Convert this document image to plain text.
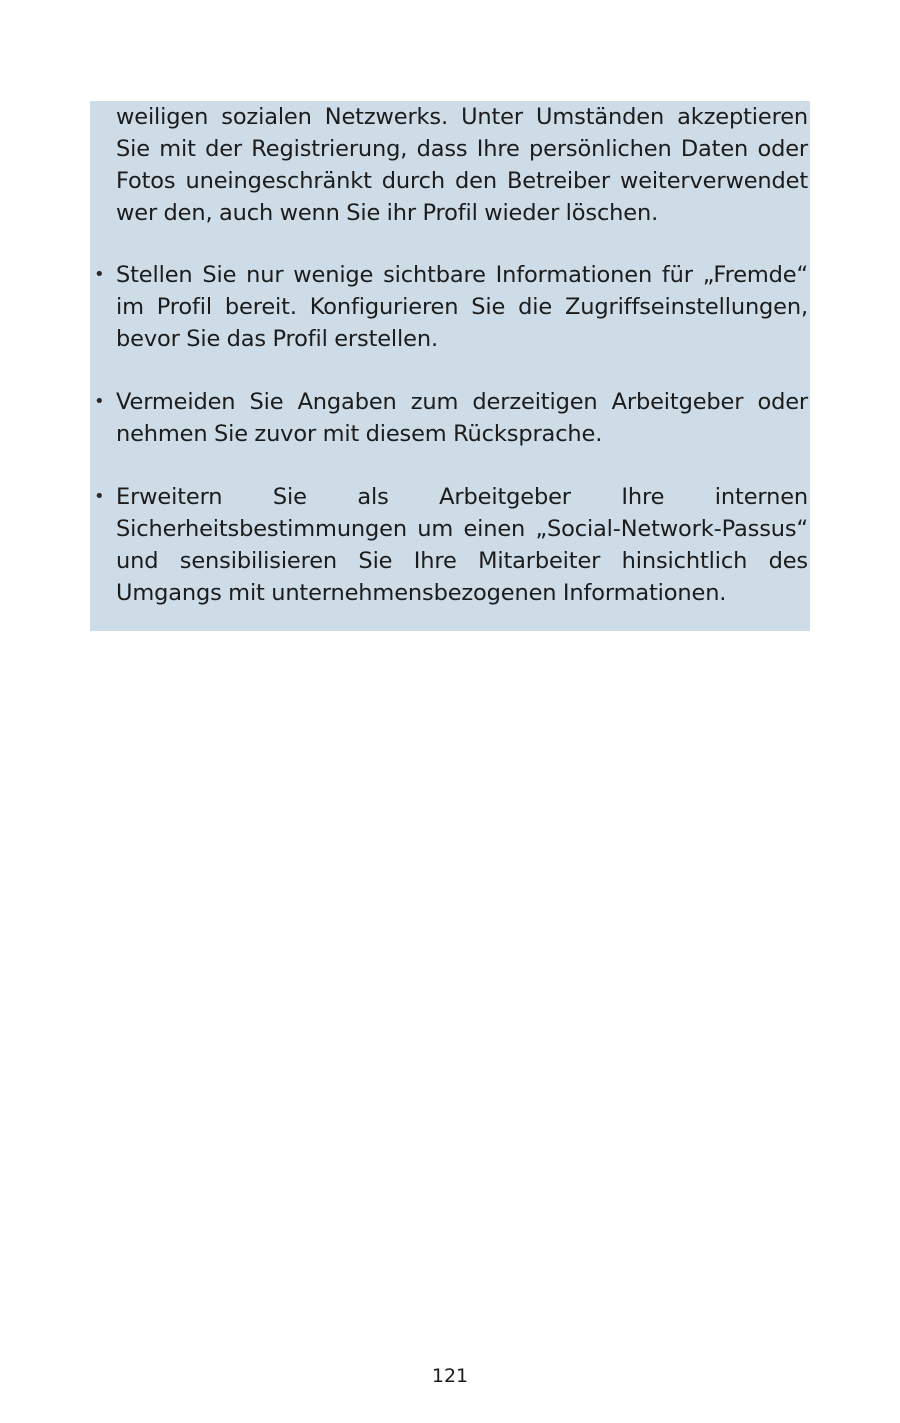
weiligen sozialen Netzwerks. Unter Umständen akzeptieren Sie mit der Registrierung, dass Ihre persönlichen Daten oder Fotos uneingeschränkt durch den Betreiber weiterverwendet wer den, auch wenn Sie ihr Profil wieder löschen.

• Stellen Sie nur wenige sichtbare Informationen für „Fremde“ im Profil bereit. Konfigurieren Sie die Zugriffseinstellungen, bevor Sie das Profil erstellen.

• Vermeiden Sie Angaben zum derzeitigen Arbeitgeber oder nehmen Sie zuvor mit diesem Rücksprache.

• Erweitern Sie als Arbeitgeber Ihre internen Sicherheitsbestimmungen um einen „Social-Network-Passus“ und sensibilisieren Sie Ihre Mitarbeiter hinsichtlich des Umgangs mit unternehmensbezogenen Informationen.

121
